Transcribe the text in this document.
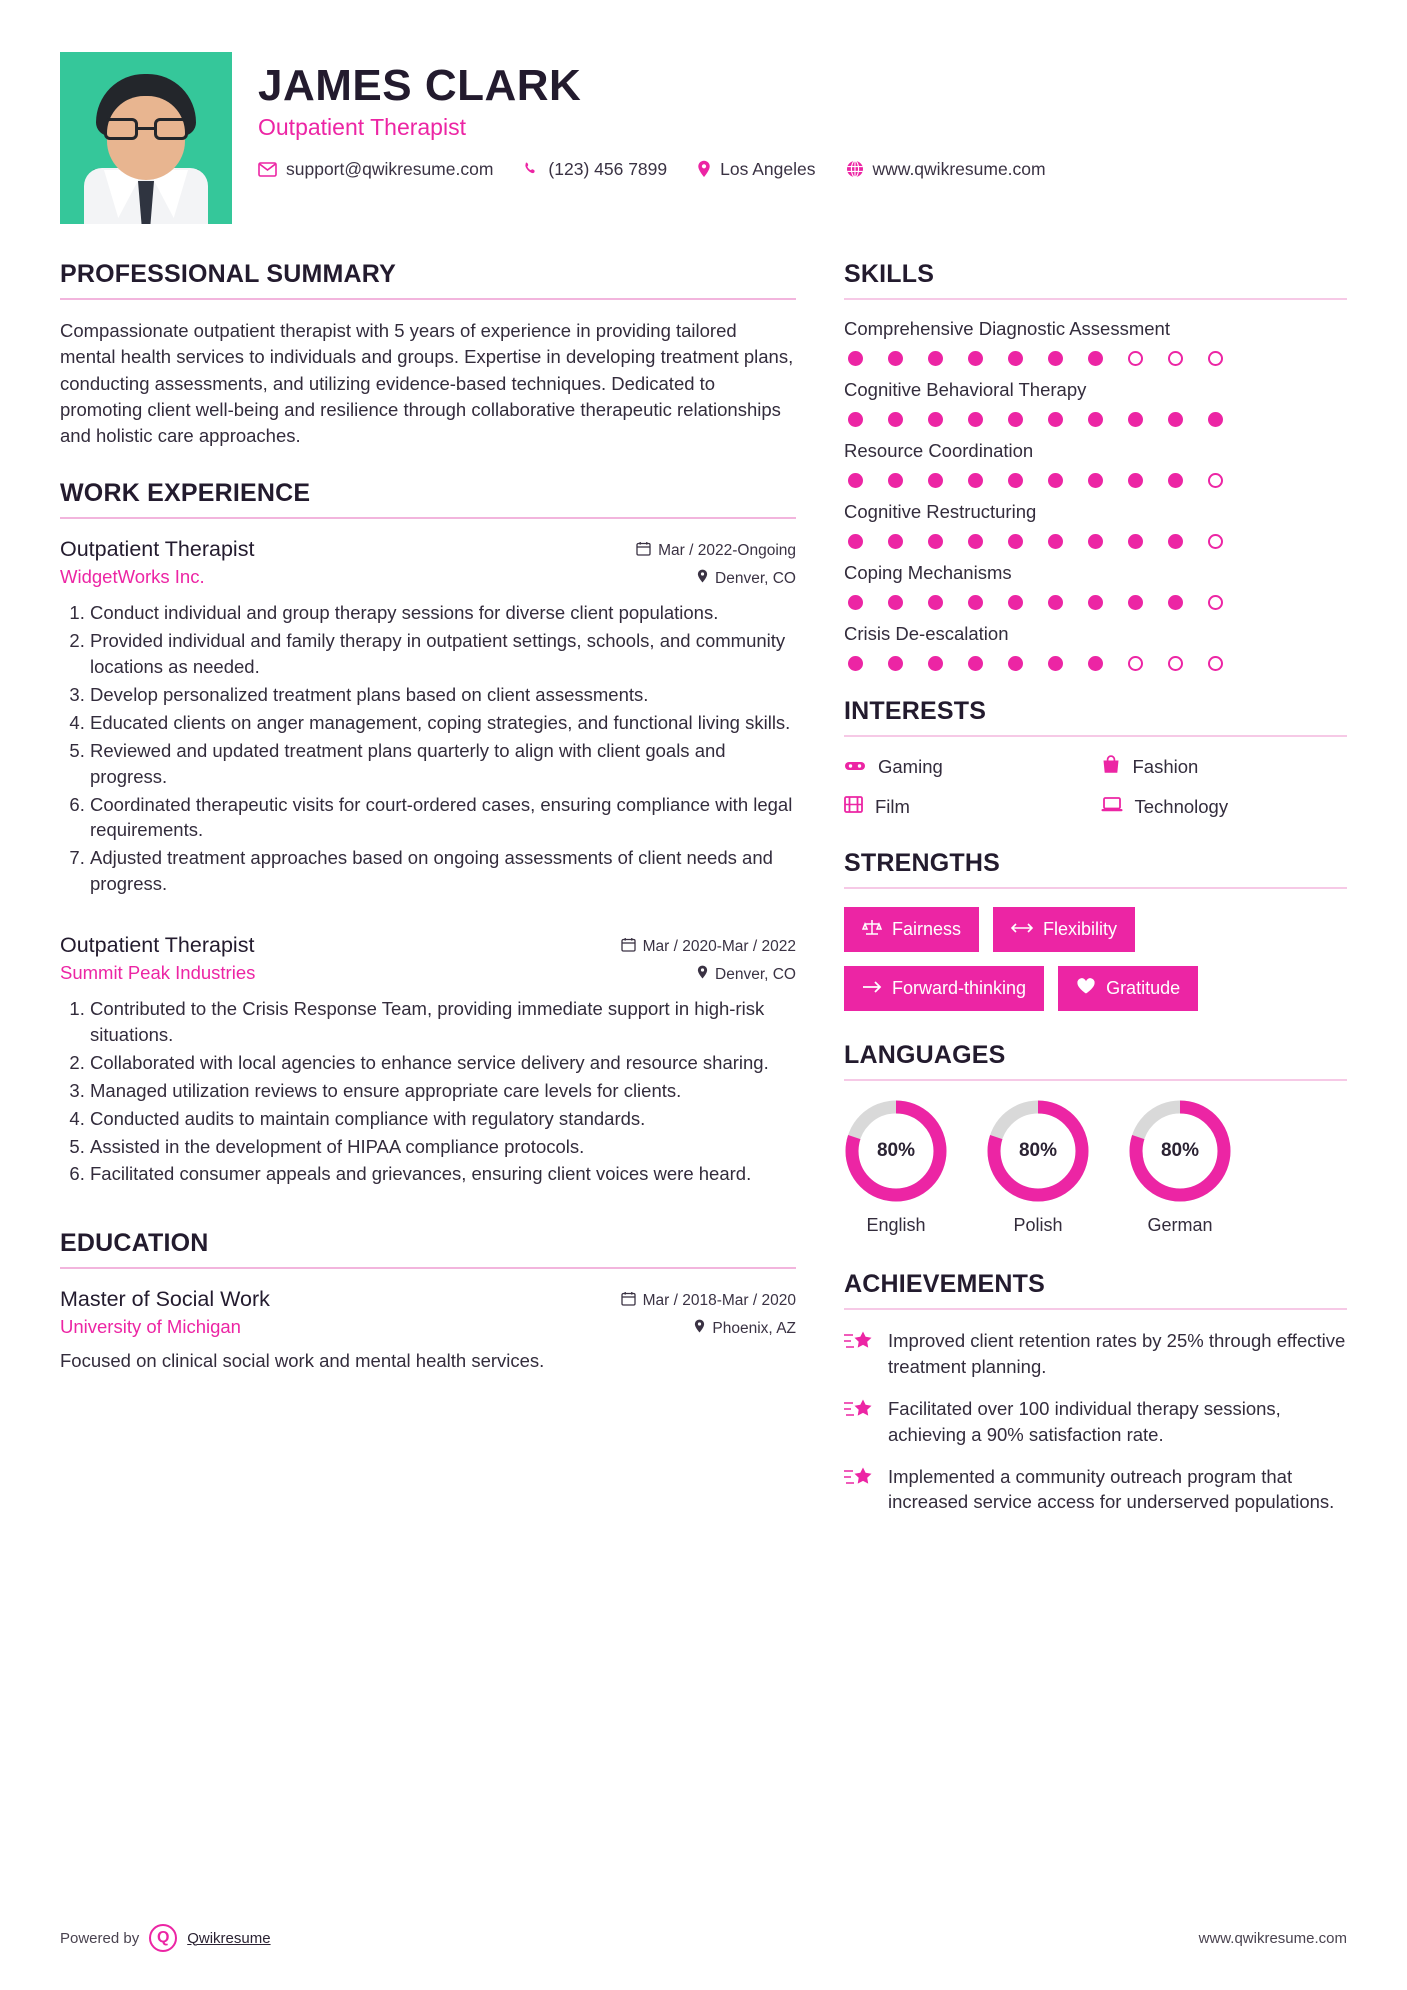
JAMES CLARK
Outpatient Therapist
support@qwikresume.com	(123) 456 7899	Los Angeles	www.qwikresume.com
PROFESSIONAL SUMMARY

Compassionate outpatient therapist with 5 years of experience in providing tailored mental health services to individuals and groups. Expertise in developing treatment plans, conducting assessments, and utilizing evidence-based techniques. Dedicated to promoting client well-being and resilience through collaborative therapeutic relationships and holistic care approaches.

WORK EXPERIENCE
Outpatient Therapist	Mar / 2022-Ongoing
WidgetWorks Inc.	Denver, CO
1. Conduct individual and group therapy sessions for diverse client populations.
2. Provided individual and family therapy in outpatient settings, schools, and community locations as needed.
3. Develop personalized treatment plans based on client assessments.
4. Educated clients on anger management, coping strategies, and functional living skills.
5. Reviewed and updated treatment plans quarterly to align with client goals and progress.
6. Coordinated therapeutic visits for court-ordered cases, ensuring compliance with legal requirements.
7. Adjusted treatment approaches based on ongoing assessments of client needs and progress.
Outpatient Therapist	Mar / 2020-Mar / 2022
Summit Peak Industries	Denver, CO
1. Contributed to the Crisis Response Team, providing immediate support in high-risk situations.
2. Collaborated with local agencies to enhance service delivery and resource sharing.
3. Managed utilization reviews to ensure appropriate care levels for clients.
4. Conducted audits to maintain compliance with regulatory standards.
5. Assisted in the development of HIPAA compliance protocols.
6. Facilitated consumer appeals and grievances, ensuring client voices were heard.
EDUCATION
Master of Social Work	Mar / 2018-Mar / 2020
University of Michigan	Phoenix, AZ
Focused on clinical social work and mental health services.
SKILLS
Comprehensive Diagnostic Assessment
Cognitive Behavioral Therapy
Resource Coordination
Cognitive Restructuring
Coping Mechanisms
Crisis De-escalation
INTERESTS
Gaming	Fashion
Film	Technology
STRENGTHS
Fairness	Flexibility
Forward-thinking	Gratitude
LANGUAGES
80%
English
80%
Polish
80%
German
ACHIEVEMENTS
Improved client retention rates by 25% through effective treatment planning.
Facilitated over 100 individual therapy sessions, achieving a 90% satisfaction rate.
Implemented a community outreach program that increased service access for underserved populations.
Powered by	Q	Qwikresume	www.qwikresume.com
